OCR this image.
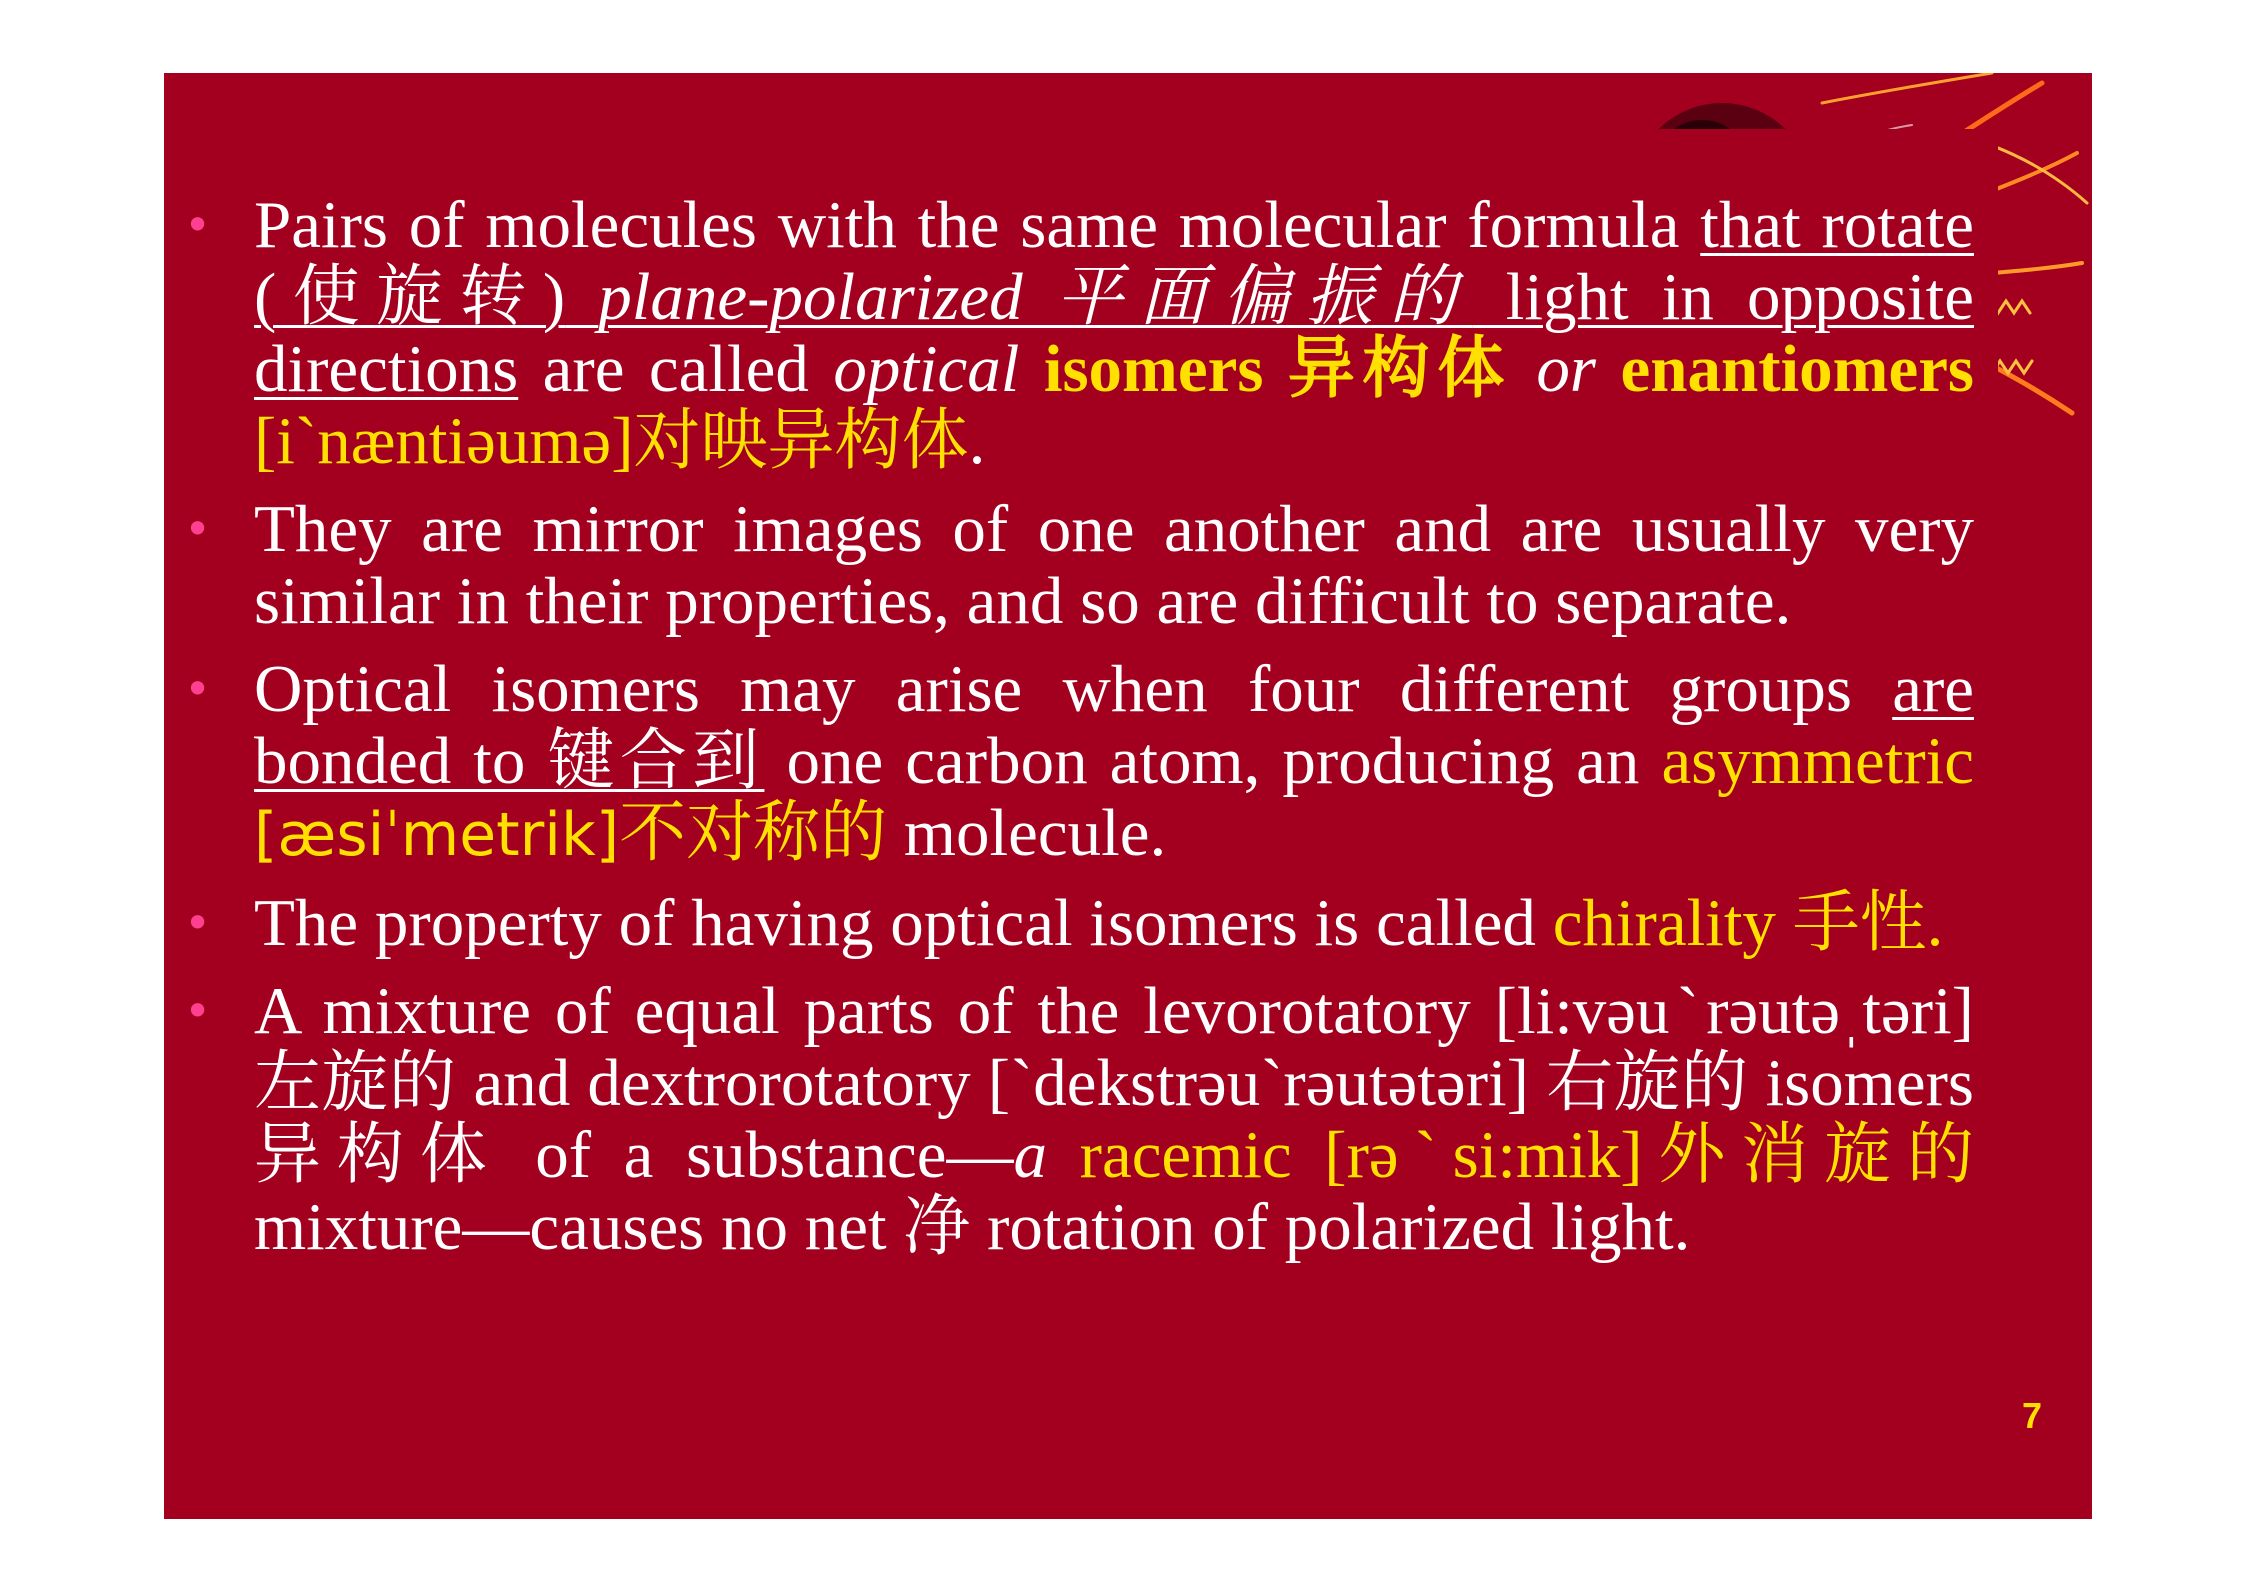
• Pairs of molecules with the same molecular formula that rotate (使旋转) plane-polarized 平面偏振的 light in opposite directions are called optical isomers 异构体 or enantiomers [iˋnæntiəumə]对映异构体.
• They are mirror images of one another and are usually very similar in their properties, and so are difficult to separate.
• Optical isomers may arise when four different groups are bonded to 键合到 one carbon atom, producing an asymmetric [æsiˈmetrik]不对称的 molecule.
• The property of having optical isomers is called chirality 手性.
• A mixture of equal parts of the levorotatory [li:vəuˋrəutəˌtəri] 左旋的 and dextrorotatory [ˋdekstrəuˋrəutətəri] 右旋的 isomers 异构体 of a substance—a racemic [rəˋsi:mik]外消旋的 mixture—causes no net 净 rotation of polarized light.
7
